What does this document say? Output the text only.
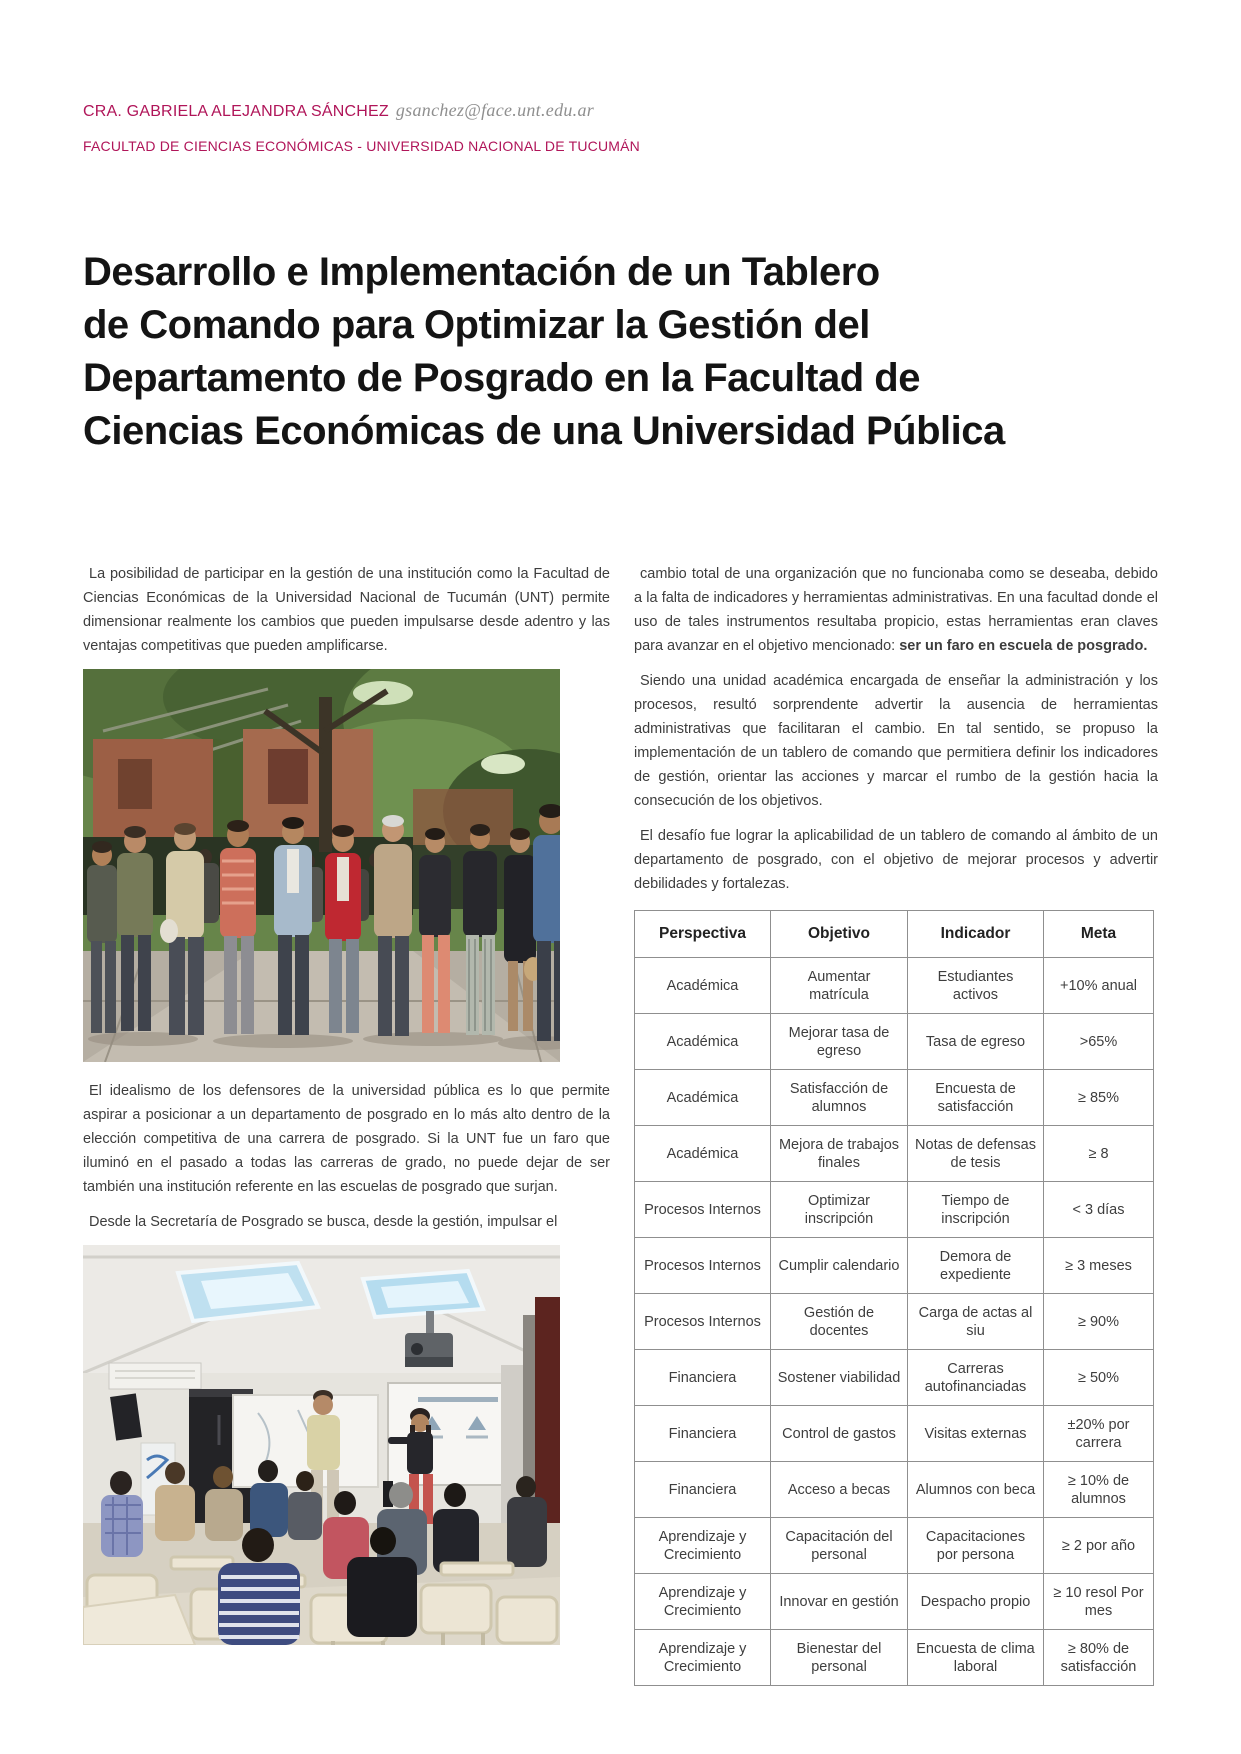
CRA. GABRIELA ALEJANDRA SÁNCHEZ gsanchez@face.unt.edu.ar
FACULTAD DE CIENCIAS ECONÓMICAS - UNIVERSIDAD NACIONAL DE TUCUMÁN
Desarrollo e Implementación de un Tablero
de Comando para Optimizar la Gestión del
Departamento de Posgrado en la Facultad de
Ciencias Económicas de una Universidad Pública

La posibilidad de participar en la gestión de una institución como la Facultad de Ciencias Económicas de la Universidad Nacional de Tucumán (UNT) permite dimensionar realmente los cambios que pueden impulsarse desde adentro y las ventajas competitivas que pueden amplificarse.

El idealismo de los defensores de la universidad pública es lo que permite aspirar a posicionar a un departamento de posgrado en lo más alto dentro de la elección competitiva de una carrera de posgrado. Si la UNT fue un faro que iluminó en el pasado a todas las carreras de grado, no puede dejar de ser también una institución referente en las escuelas de posgrado que surjan.

Desde la Secretaría de Posgrado se busca, desde la gestión, impulsar el

cambio total de una organización que no funcionaba como se deseaba, debido a la falta de indicadores y herramientas administrativas. En una facultad donde el uso de tales instrumentos resultaba propicio, estas herramientas eran claves para avanzar en el objetivo mencionado: ser un faro en escuela de posgrado.

Siendo una unidad académica encargada de enseñar la administración y los procesos, resultó sorprendente advertir la ausencia de herramientas administrativas que facilitaran el cambio. En tal sentido, se propuso la implementación de un tablero de comando que permitiera definir los indicadores de gestión, orientar las acciones y marcar el rumbo de la gestión hacia la consecución de los objetivos.

El desafío fue lograr la aplicabilidad de un tablero de comando al ámbito de un departamento de posgrado, con el objetivo de mejorar procesos y advertir debilidades y fortalezas.

Perspectiva	Objetivo	Indicador	Meta
Académica	Aumentar matrícula	Estudiantes activos	+10% anual
Académica	Mejorar tasa de egreso	Tasa de egreso	>65%
Académica	Satisfacción de alumnos	Encuesta de satisfacción	≥ 85%
Académica	Mejora de trabajos finales	Notas de defensas de tesis	≥ 8
Procesos Internos	Optimizar inscripción	Tiempo de inscripción	< 3 días
Procesos Internos	Cumplir calendario	Demora de expediente	≥ 3 meses
Procesos Internos	Gestión de docentes	Carga de actas al siu	≥ 90%
Financiera	Sostener viabilidad	Carreras autofinanciadas	≥ 50%
Financiera	Control de gastos	Visitas externas	±20% por carrera
Financiera	Acceso a becas	Alumnos con beca	≥ 10% de alumnos
Aprendizaje y Crecimiento	Capacitación del personal	Capacitaciones por persona	≥ 2 por año
Aprendizaje y Crecimiento	Innovar en gestión	Despacho propio	≥ 10 resol Por mes
Aprendizaje y Crecimiento	Bienestar del personal	Encuesta de clima laboral	≥ 80% de satisfacción
